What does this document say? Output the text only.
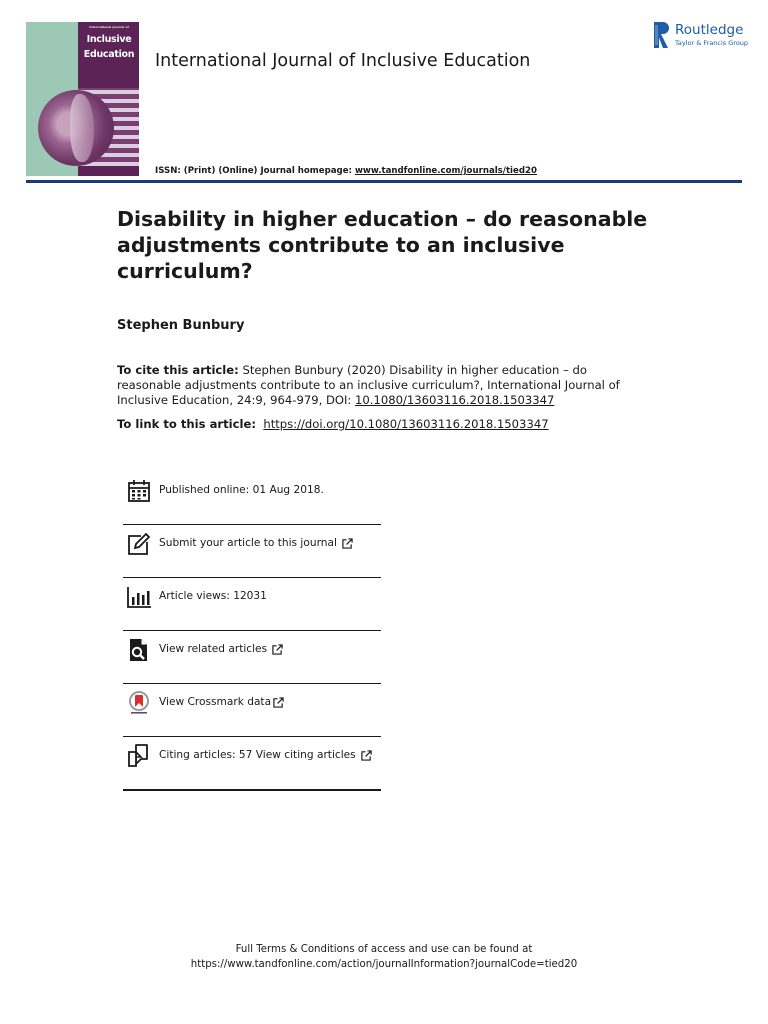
International Journal of
Inclusive
Education International Journal of Inclusive Education
Routledge
Taylor & Francis Group
ISSN: (Print) (Online) Journal homepage: www.tandfonline.com/journals/tied20
Disability in higher education – do reasonable adjustments contribute to an inclusive curriculum?
Stephen Bunbury
To cite this article: Stephen Bunbury (2020) Disability in higher education – do reasonable adjustments contribute to an inclusive curriculum?, International Journal of Inclusive Education, 24:9, 964-979, DOI: 10.1080/13603116.2018.1503347
To link to this article: https://doi.org/10.1080/13603116.2018.1503347
Published online: 01 Aug 2018.
Submit your article to this journal
Article views: 12031
View related articles
View Crossmark data
Citing articles: 57 View citing articles
Full Terms & Conditions of access and use can be found at
https://www.tandfonline.com/action/journalInformation?journalCode=tied20
